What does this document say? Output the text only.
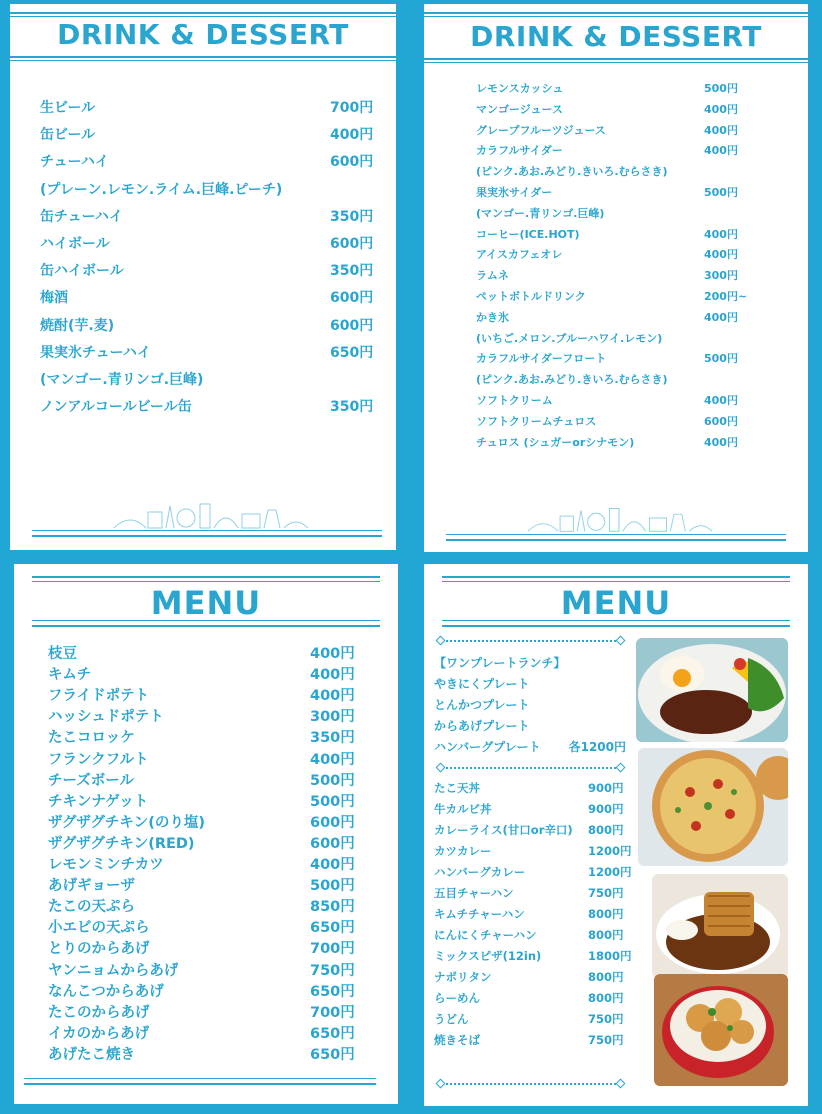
DRINK & DESSERT
生ビール	700円
缶ビール	400円
チューハイ	600円
(プレーン.レモン.ライム.巨峰.ピーチ)
缶チューハイ	350円
ハイボール	600円
缶ハイボール	350円
梅酒	600円
焼酎(芋.麦)	600円
果実氷チューハイ	650円
(マンゴー.青リンゴ.巨峰)
ノンアルコールビール缶	350円
DRINK & DESSERT
レモンスカッシュ	500円
マンゴージュース	400円
グレープフルーツジュース	400円
カラフルサイダー	400円
(ピンク.あお.みどり.きいろ.むらさき)
果実氷サイダー	500円
(マンゴー.青リンゴ.巨峰)
コーヒー(ICE.HOT)	400円
アイスカフェオレ	400円
ラムネ	300円
ペットボトルドリンク	200円~
かき氷	400円
(いちご.メロン.ブルーハワイ.レモン)
カラフルサイダーフロート	500円
(ピンク.あお.みどり.きいろ.むらさき)
ソフトクリーム	400円
ソフトクリームチュロス	600円
チュロス (シュガーorシナモン)	400円
MENU
枝豆	400円
キムチ	400円
フライドポテト	400円
ハッシュドポテト	300円
たこコロッケ	350円
フランクフルト	400円
チーズボール	500円
チキンナゲット	500円
ザグザグチキン(のり塩)	600円
ザグザグチキン(RED)	600円
レモンミンチカツ	400円
あげギョーザ	500円
たこの天ぷら	850円
小エビの天ぷら	650円
とりのからあげ	700円
ヤンニョムからあげ	750円
なんこつからあげ	650円
たこのからあげ	700円
イカのからあげ	650円
あげたこ焼き	650円
MENU
【ワンプレートランチ】
やきにくプレート
とんかつプレート
からあげプレート
ハンバーグプレート 各1200円
たこ天丼	900円
牛カルビ丼	900円
カレーライス(甘口or辛口) 800円
カツカレー	1200円
ハンバーグカレー	1200円
五目チャーハン	750円
キムチチャーハン	800円
にんにくチャーハン	800円
ミックスピザ(12in)	1800円
ナポリタン	800円
らーめん	800円
うどん	750円
焼きそば	750円
